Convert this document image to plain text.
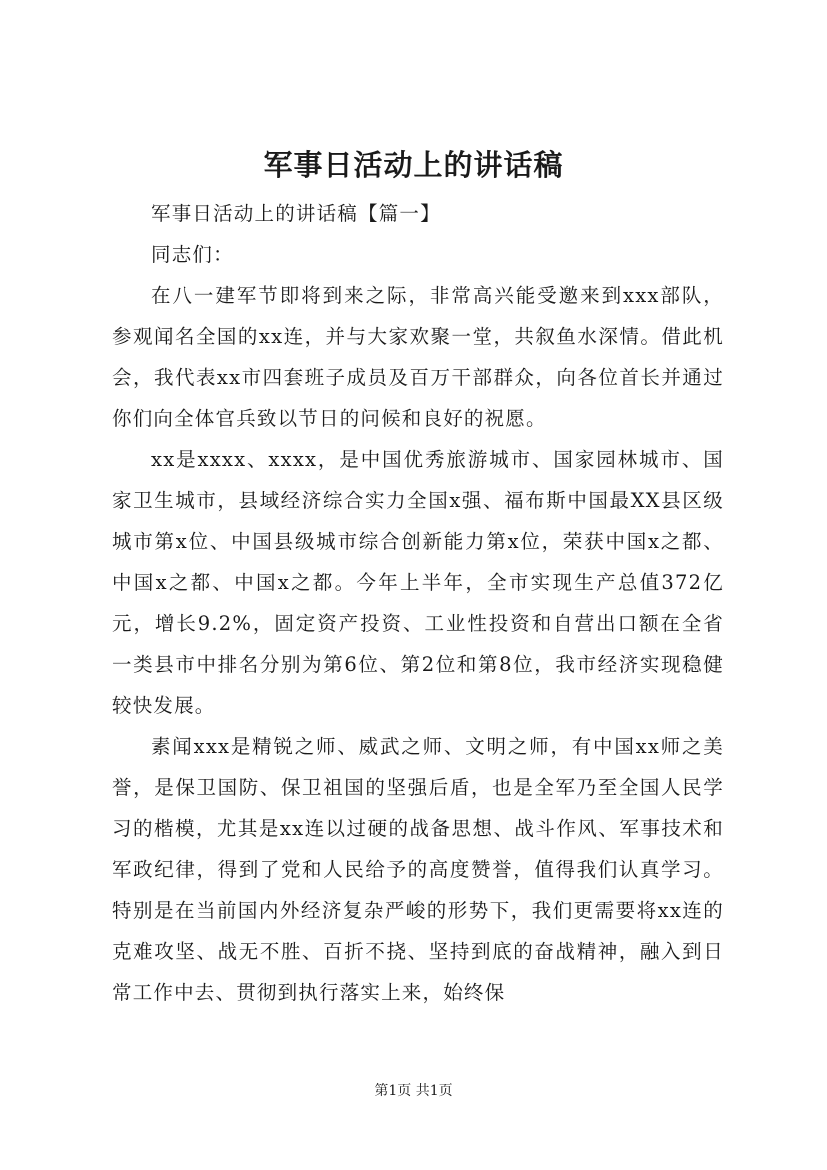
军事日活动上的讲话稿

军事日活动上的讲话稿【篇一】

同志们：

在八一建军节即将到来之际，非常高兴能受邀来到xxx部队，参观闻名全国的xx连，并与大家欢聚一堂，共叙鱼水深情。借此机会，我代表xx市四套班子成员及百万干部群众，向各位首长并通过你们向全体官兵致以节日的问候和良好的祝愿。

xx是xxxx、xxxx，是中国优秀旅游城市、国家园林城市、国家卫生城市，县域经济综合实力全国x强、福布斯中国最XX县区级城市第x位、中国县级城市综合创新能力第x位，荣获中国x之都、中国x之都、中国x之都。今年上半年，全市实现生产总值372亿元，增长9.2%，固定资产投资、工业性投资和自营出口额在全省一类县市中排名分别为第6位、第2位和第8位，我市经济实现稳健较快发展。

素闻xxx是精锐之师、威武之师、文明之师，有中国xx师之美誉，是保卫国防、保卫祖国的坚强后盾，也是全军乃至全国人民学习的楷模，尤其是xx连以过硬的战备思想、战斗作风、军事技术和军政纪律，得到了党和人民给予的高度赞誉，值得我们认真学习。特别是在当前国内外经济复杂严峻的形势下，我们更需要将xx连的克难攻坚、战无不胜、百折不挠、坚持到底的奋战精神，融入到日常工作中去、贯彻到执行落实上来，始终保

第1页 共1页
